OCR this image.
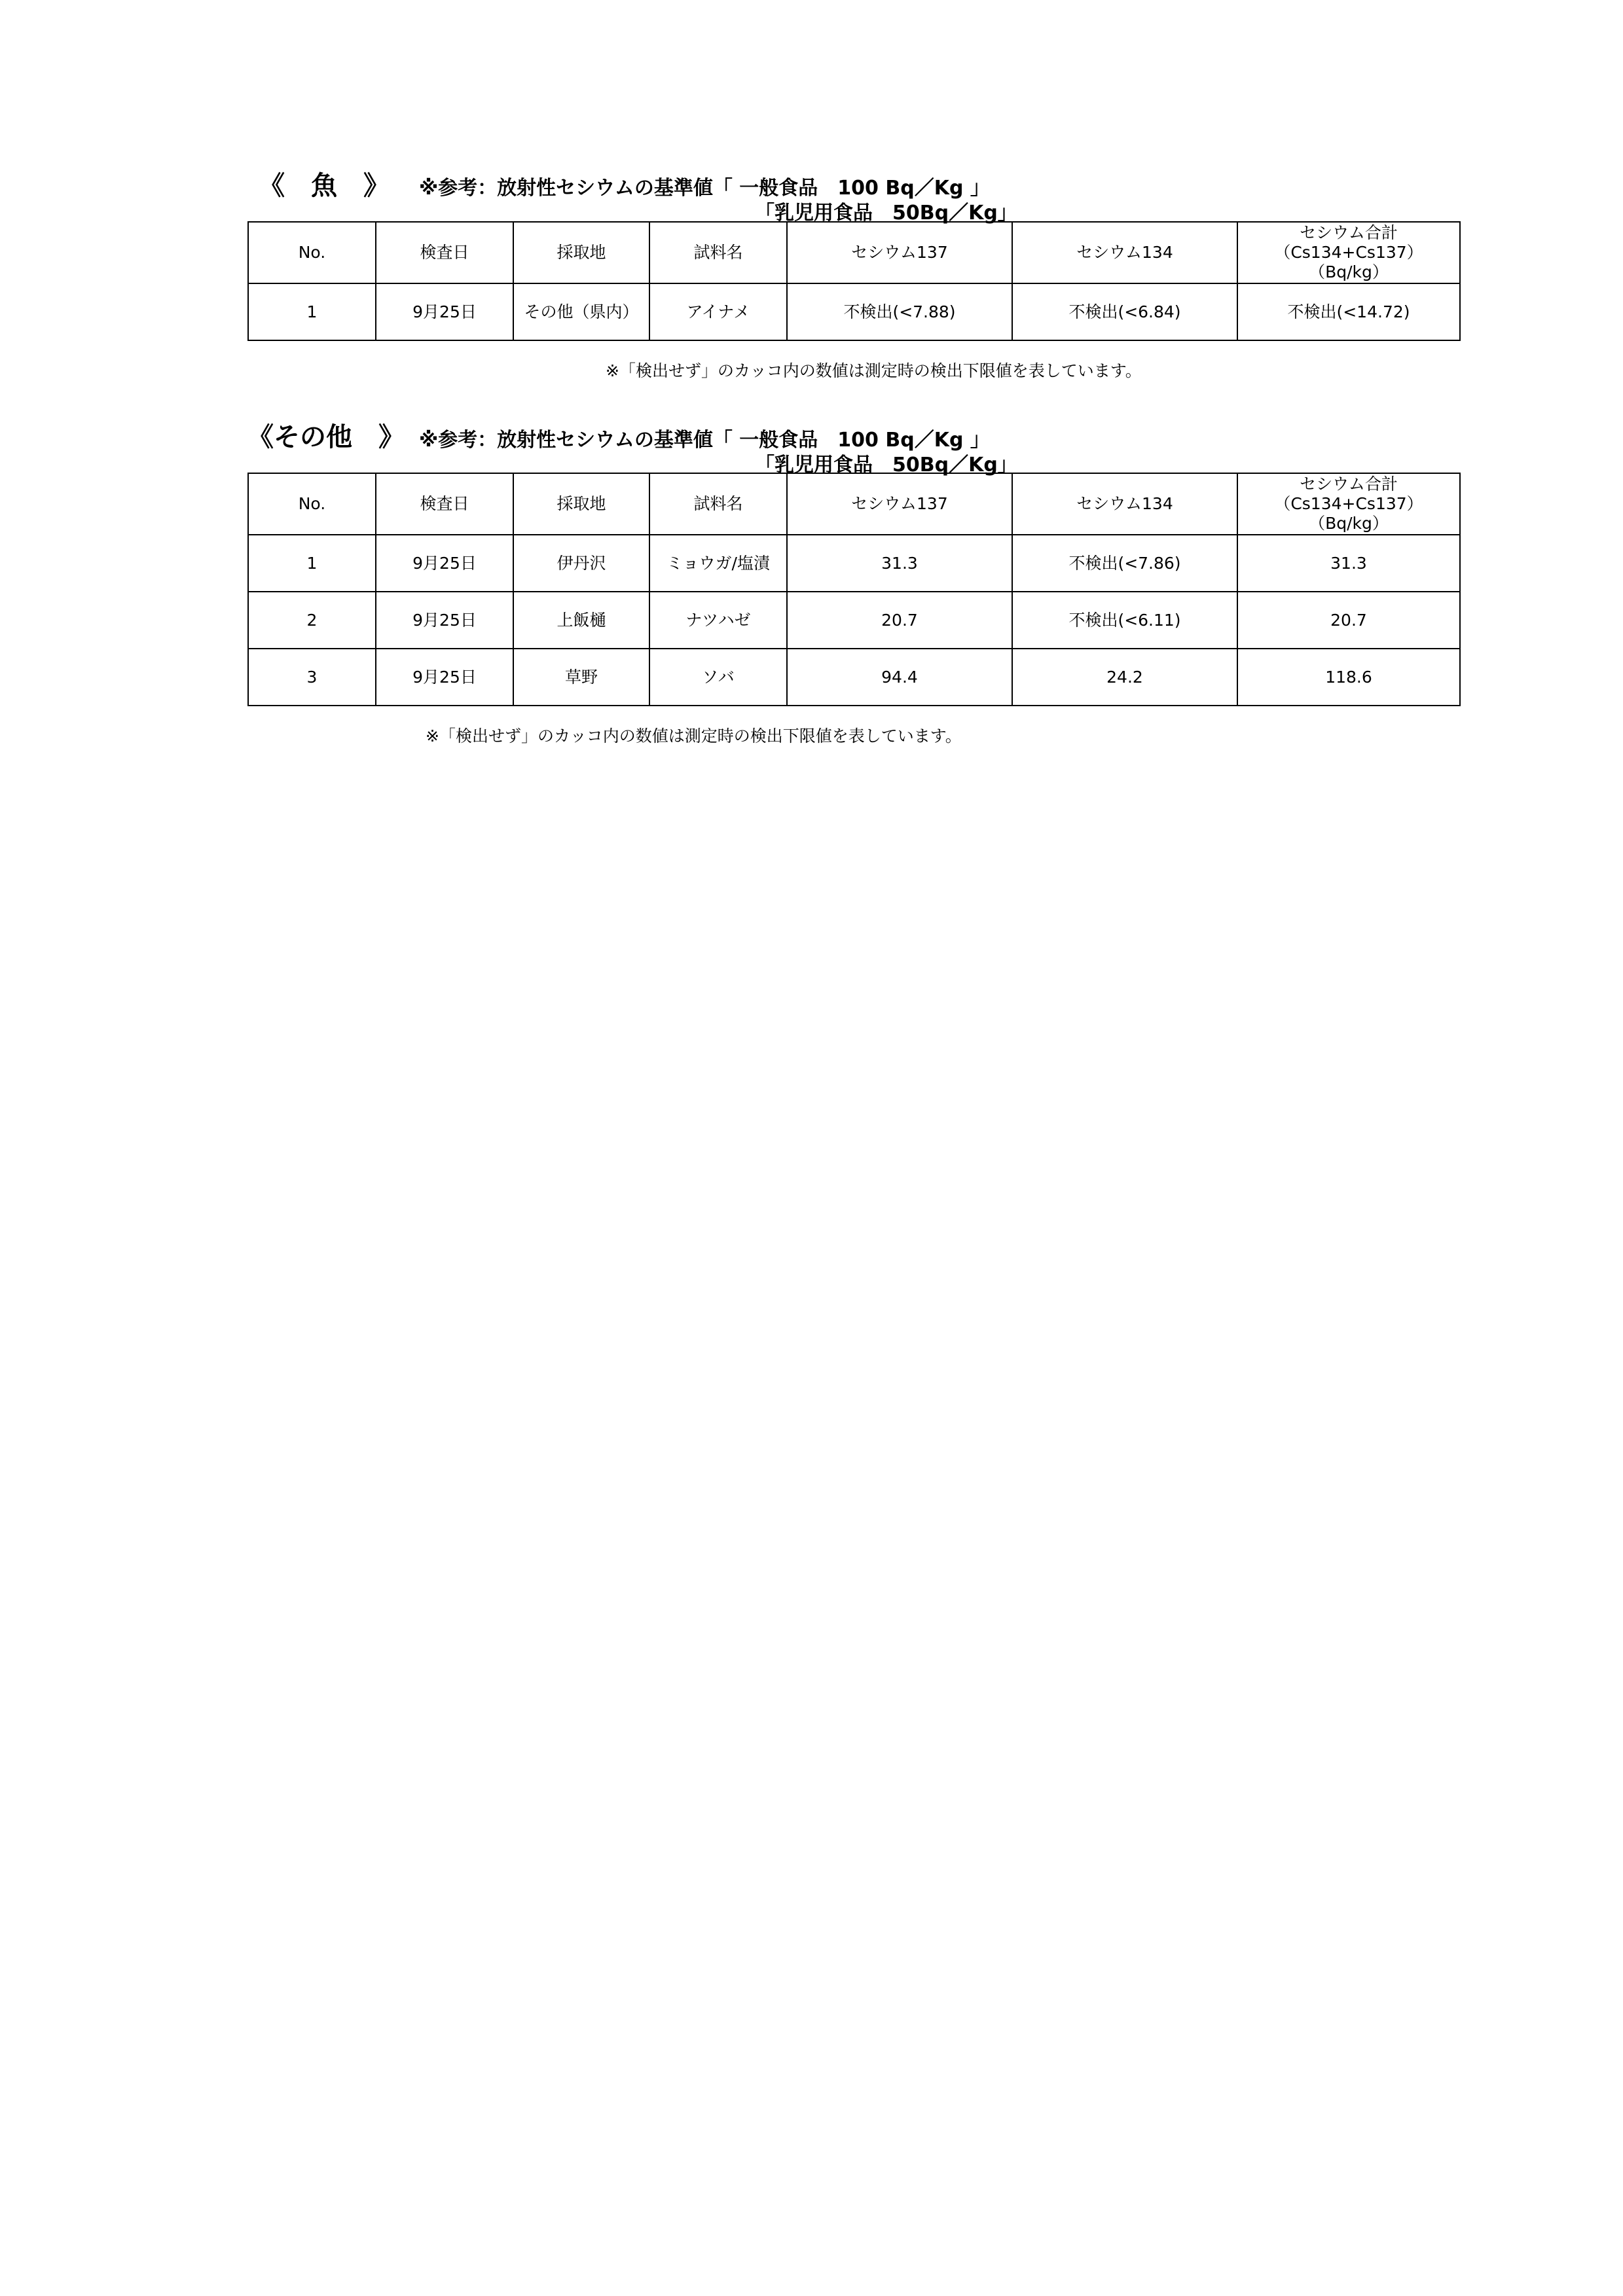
《　魚　》 ※参考：放射性セシウムの基準値「 一般食品　100 Bq／Kg 」
「乳児用食品　50Bq／Kg」
No.	検査日	採取地	試料名	セシウム137	セシウム134	セシウム合計
（Cs134+Cs137）
（Bq/kg）

1	9月25日	その他（県内）	アイナメ	不検出(<7.88)	不検出(<6.84)	不検出(<14.72)
※「検出せず」のカッコ内の数値は測定時の検出下限値を表しています。
《その他　》 ※参考：放射性セシウムの基準値「 一般食品　100 Bq／Kg 」
「乳児用食品　50Bq／Kg」
No.	検査日	採取地	試料名	セシウム137	セシウム134	セシウム合計
（Cs134+Cs137）
（Bq/kg）

1	9月25日	伊丹沢	ミョウガ/塩漬	31.3	不検出(<7.86)	31.3
2	9月25日	上飯樋	ナツハゼ	20.7	不検出(<6.11)	20.7
3	9月25日	草野	ソバ	94.4	24.2	118.6
※「検出せず」のカッコ内の数値は測定時の検出下限値を表しています。
